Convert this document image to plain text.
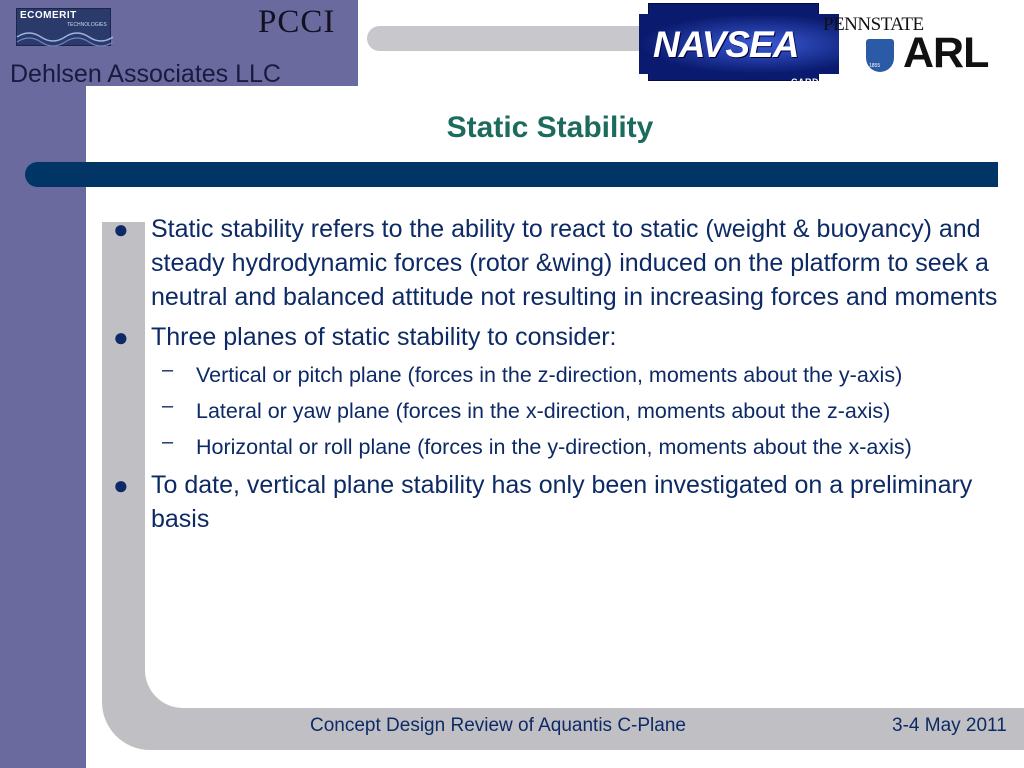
ECOMERIT
TECHNOLOGIES	PCCI
Dehlsen Associates LLC
NAVSEA
CARDEROCK
PENNSTATE
1855 ARL
Static Stability
● Static stability refers to the ability to react to static (weight & buoyancy) and steady hydrodynamic forces (rotor &wing) induced on the platform to seek a neutral and balanced attitude not resulting in increasing forces and moments
● Three planes of static stability to consider:
– Vertical or pitch plane (forces in the z-direction, moments about the y-axis)
– Lateral or yaw plane (forces in the x-direction, moments about the z-axis)
– Horizontal or roll plane (forces in the y-direction, moments about the x-axis)
● To date, vertical plane stability has only been investigated on a preliminary basis
Concept Design Review of Aquantis C-Plane	3-4 May 2011
